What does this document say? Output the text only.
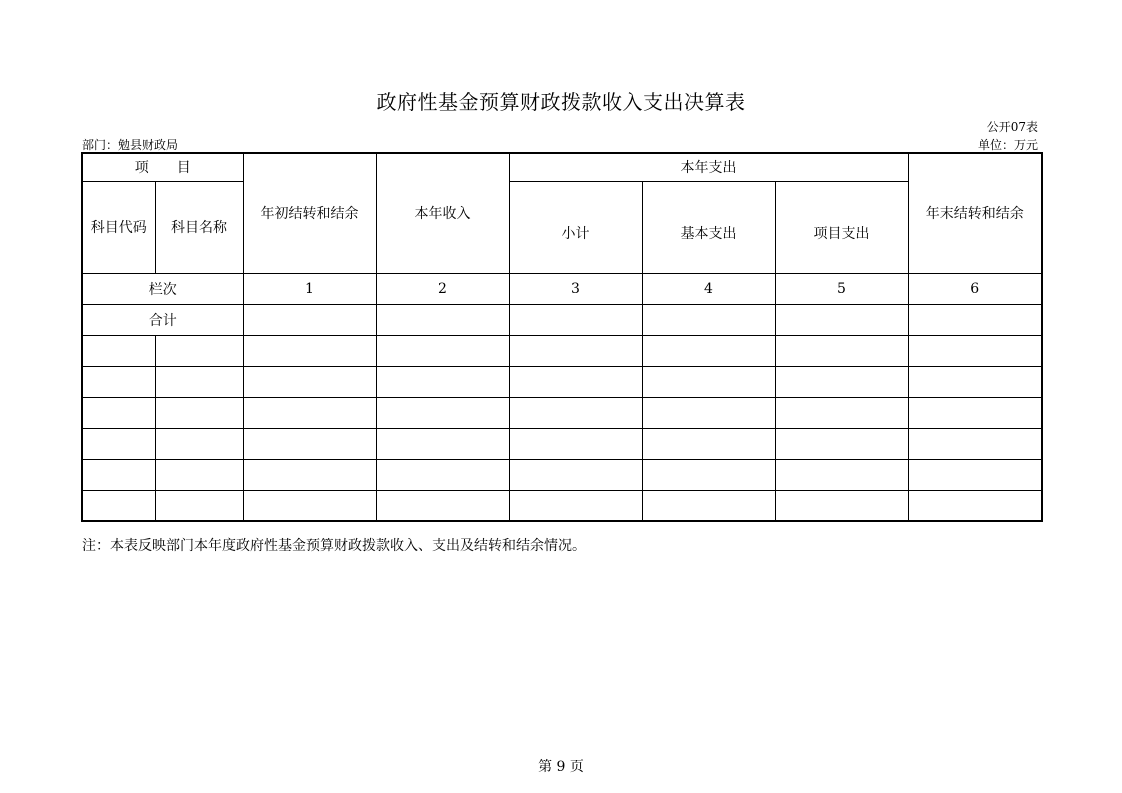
政府性基金预算财政拨款收入支出决算表
公开07表
部门：勉县财政局	单位：万元
项　　目		年初结转和结余	本年收入	本年支出			年末结转和结余
科目代码	科目名称			小计	基本支出	项目支出	
栏次		1	2	3	4	5	6
合计							

注：本表反映部门本年度政府性基金预算财政拨款收入、支出及结转和结余情况。
第 9 页
